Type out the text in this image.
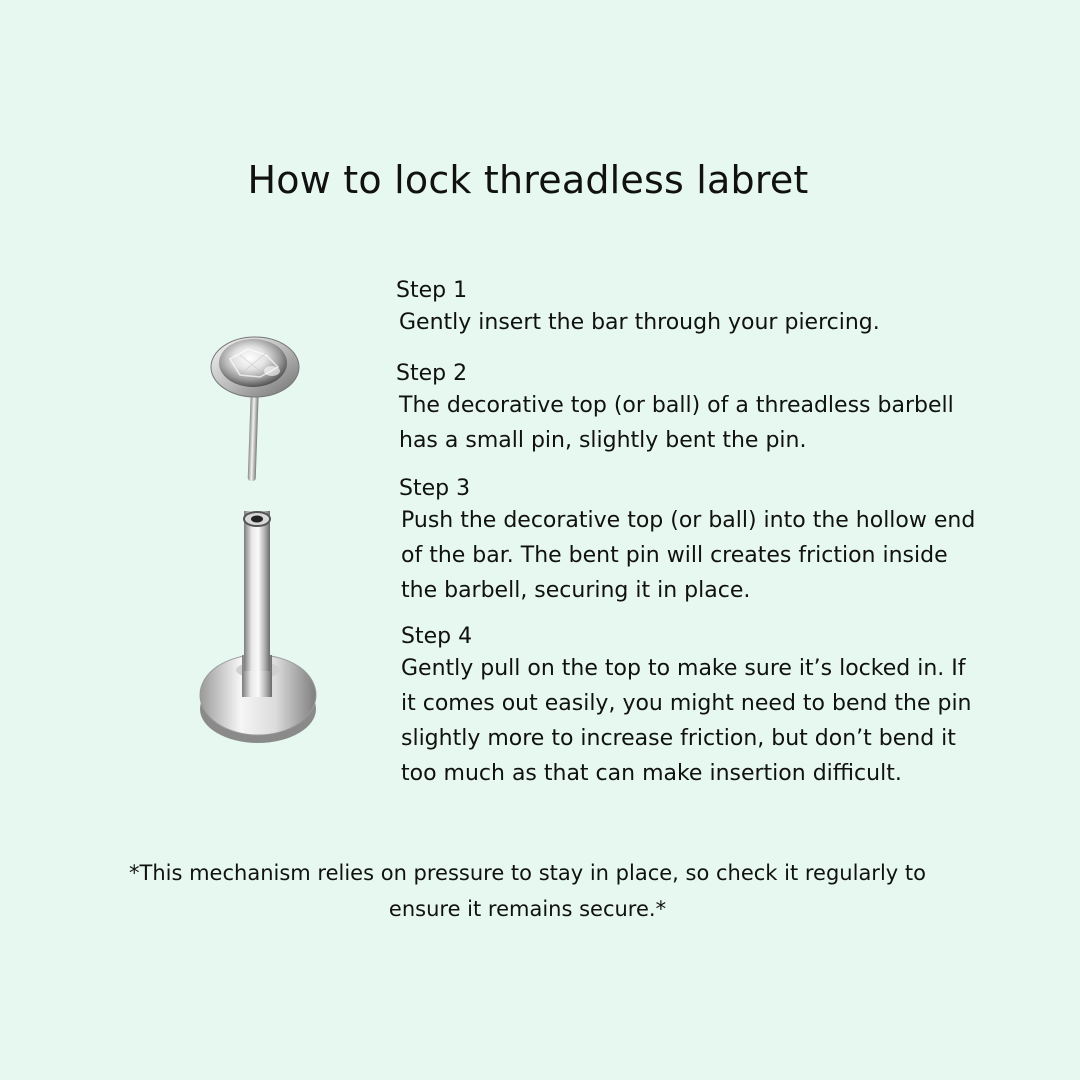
How to lock threadless labret
Step 1
Gently insert the bar through your piercing.
Step 2
The decorative top (or ball) of a threadless barbell
has a small pin, slightly bent the pin.
Step 3
Push the decorative top (or ball) into the hollow end
of the bar. The bent pin will creates friction inside
the barbell, securing it in place.
Step 4
Gently pull on the top to make sure it’s locked in. If
it comes out easily, you might need to bend the pin
slightly more to increase friction, but don’t bend it
too much as that can make insertion difficult.

*This mechanism relies on pressure to stay in place, so check it regularly to
ensure it remains secure.*
